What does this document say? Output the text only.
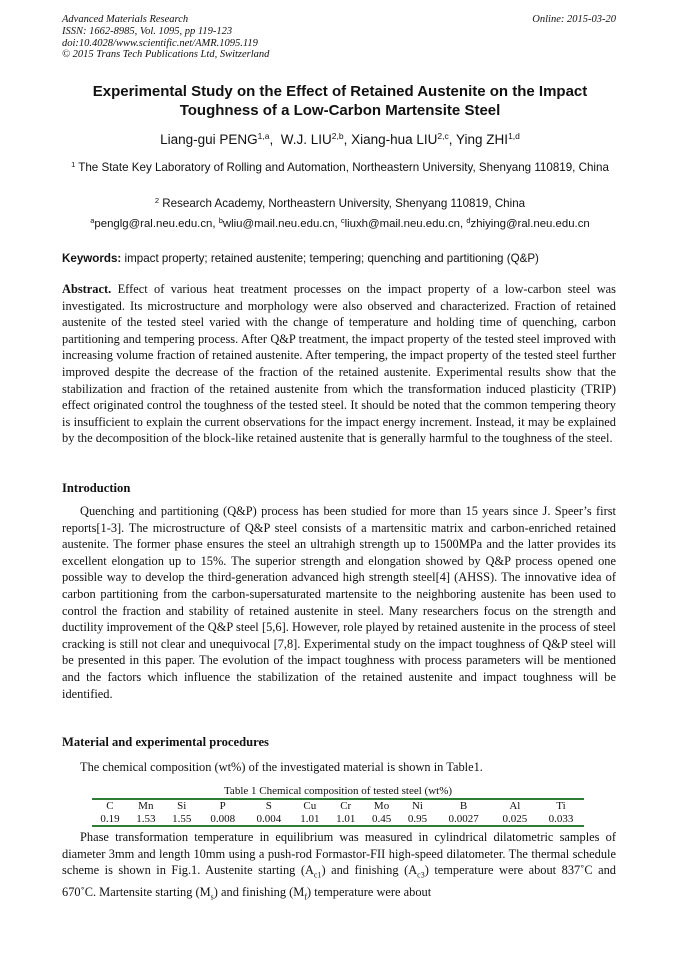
Advanced Materials Research
ISSN: 1662-8985, Vol. 1095, pp 119-123
doi:10.4028/www.scientific.net/AMR.1095.119
© 2015 Trans Tech Publications Ltd, Switzerland
Online: 2015-03-20
Experimental Study on the Effect of Retained Austenite on the Impact Toughness of a Low-Carbon Martensite Steel
Liang-gui PENG$^{1,a}$,  W.J. LIU$^{2,b}$, Xiang-hua LIU$^{2,c}$, Ying ZHI$^{1,d}$
$^1$ The State Key Laboratory of Rolling and Automation, Northeastern University, Shenyang 110819, China
$^2$ Research Academy, Northeastern University, Shenyang 110819, China
$^a$penglg@ral.neu.edu.cn, $^b$wliu@mail.neu.edu.cn, $^c$liuxh@mail.neu.edu.cn, $^d$zhiying@ral.neu.edu.cn
Keywords: impact property; retained austenite; tempering; quenching and partitioning (Q&P)
Abstract. Effect of various heat treatment processes on the impact property of a low-carbon steel was investigated. Its microstructure and morphology were also observed and characterized. Fraction of retained austenite of the tested steel varied with the change of temperature and holding time of quenching, carbon partitioning and tempering process. After Q&P treatment, the impact property of the tested steel improved with increasing volume fraction of retained austenite. After tempering, the impact property of the tested steel further improved despite the decrease of the fraction of the retained austenite. Experimental results show that the stabilization and fraction of the retained austenite from which the transformation induced plasticity (TRIP) effect originated control the toughness of the tested steel. It should be noted that the common tempering theory is insufficient to explain the current observations for the impact energy increment. Instead, it may be explained by the decomposition of the block-like retained austenite that is generally harmful to the toughness of the steel.
Introduction
Quenching and partitioning (Q&P) process has been studied for more than 15 years since J. Speer’s first reports[1-3]. The microstructure of Q&P steel consists of a martensitic matrix and carbon-enriched retained austenite. The former phase ensures the steel an ultrahigh strength up to 1500MPa and the latter provides its excellent elongation up to 15%. The superior strength and elongation showed by Q&P process opened one possible way to develop the third-generation advanced high strength steel[4] (AHSS). The innovative idea of carbon partitioning from the carbon-supersaturated martensite to the neighboring austenite has been used to control the fraction and stability of retained austenite in steel. Many researchers focus on the strength and ductility improvement of the Q&P steel [5,6]. However, role played by retained austenite in the process of steel cracking is still not clear and unequivocal [7,8]. Experimental study on the impact toughness of Q&P steel will be presented in this paper. The evolution of the impact toughness with process parameters will be mentioned and the factors which influence the stabilization of the retained austenite and impact toughness will be identified.
Material and experimental procedures
The chemical composition (wt%) of the investigated material is shown in Table1.
Table 1 Chemical composition of tested steel (wt%)
C	Mn	Si	P	S	Cu	Cr	Mo	Ni	B	Al	Ti
0.19	1.53	1.55	0.008	0.004	1.01	1.01	0.45	0.95	0.0027	0.025	0.033
Phase transformation temperature in equilibrium was measured in cylindrical dilatometric samples of diameter 3mm and length 10mm using a push-rod Formastor-FII high-speed dilatometer. The thermal schedule scheme is shown in Fig.1. Austenite starting $(A_{c1})$ and finishing $(A_{c3})$ temperature were about 837˚C and 670˚C. Martensite starting $(M_s)$ and finishing $(M_f)$ temperature were about
